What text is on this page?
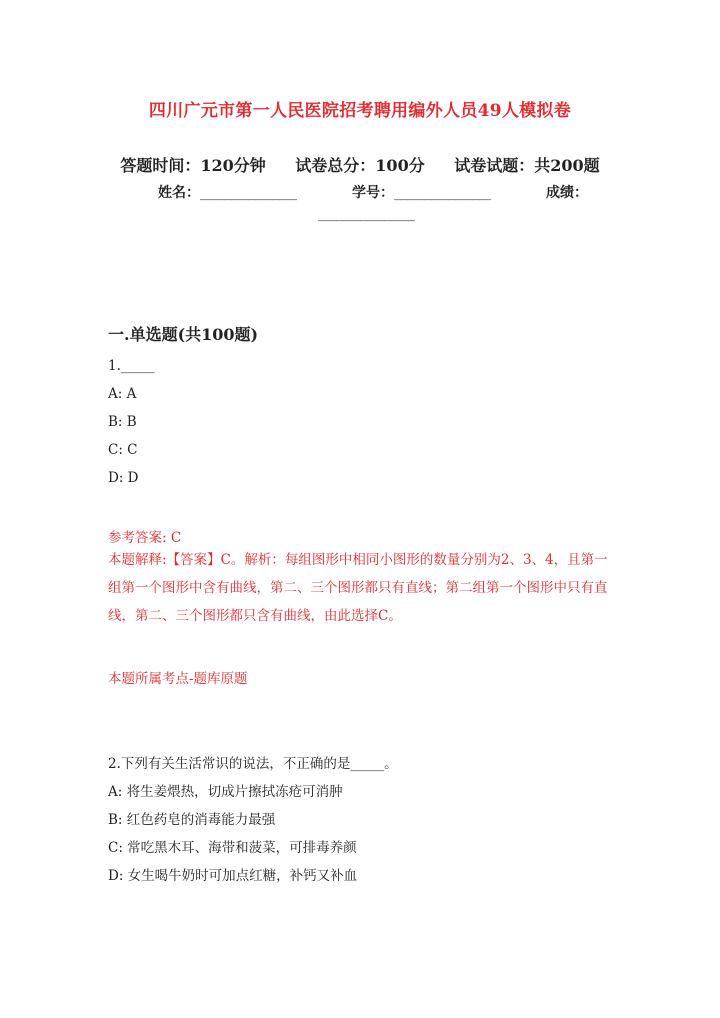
四川广元市第一人民医院招考聘用编外人员49人模拟卷
答题时间：120分钟 试卷总分：100分 试卷试题：共200题
姓名：________________	学号：________________	成绩：
________________
一.单选题(共100题)
1._____
A: A
B: B
C: C
D: D
参考答案: C
本题解释:【答案】C。解析：每组图形中相同小图形的数量分别为2、3、4，且第一组第一个图形中含有曲线，第二、三个图形都只有直线；第二组第一个图形中只有直线，第二、三个图形都只含有曲线，由此选择C。
本题所属考点-题库原题
2.下列有关生活常识的说法，不正确的是_____。
A: 将生姜煨热，切成片擦拭冻疮可消肿
B: 红色药皂的消毒能力最强
C: 常吃黑木耳、海带和菠菜，可排毒养颜
D: 女生喝牛奶时可加点红糖，补钙又补血
